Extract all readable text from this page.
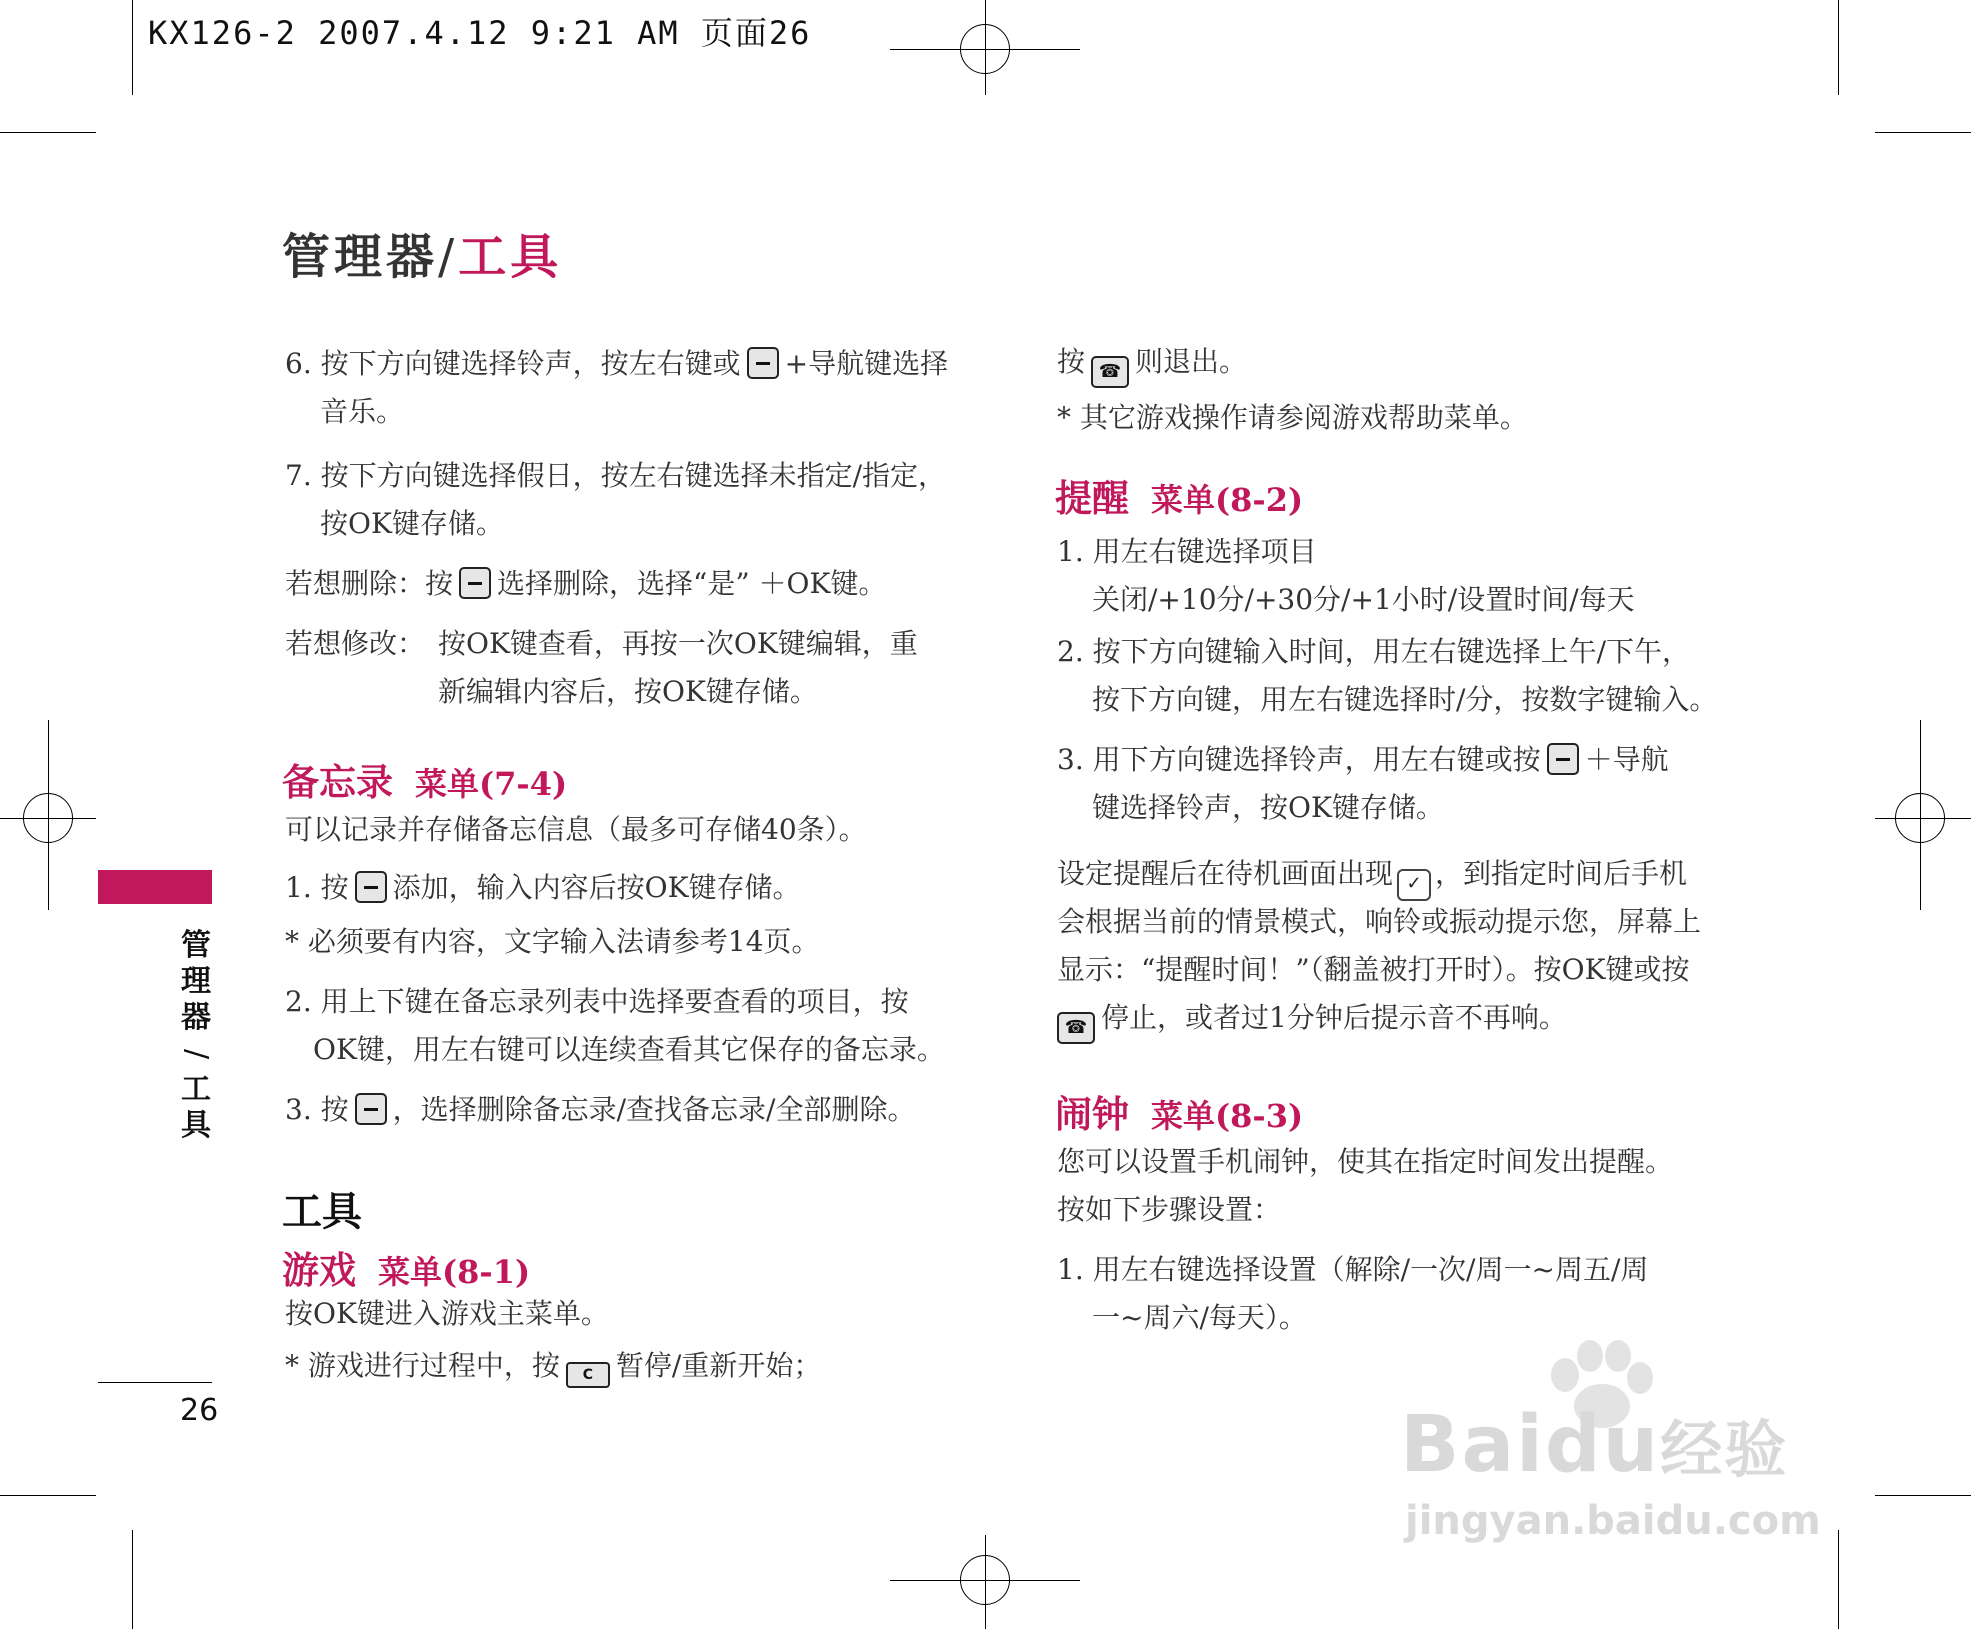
KX126-2 2007.4.12 9:21 AM 页面26
管理器/工具
管
理
器
/
工
具
26
6. 按下方向键选择铃声，按左右键或 +导航键选择
音乐。
7. 按下方向键选择假日，按左右键选择未指定/指定，
按OK键存储。
若想删除：按 选择删除，选择“是” ＋OK键。
若想修改： 按OK键查看，再按一次OK键编辑，重
新编辑内容后，按OK键存储。
备忘录 菜单(7-4)
可以记录并存储备忘信息（最多可存储40条）。
1. 按 添加，输入内容后按OK键存储。
* 必须要有内容，文字输入法请参考14页。
2. 用上下键在备忘录列表中选择要查看的项目，按
OK键，用左右键可以连续查看其它保存的备忘录。
3. 按 ，选择删除备忘录/查找备忘录/全部删除。
工具
游戏 菜单(8-1)
按OK键进入游戏主菜单。
* 游戏进行过程中，按 C 暂停/重新开始；
按 ☎ 则退出。
* 其它游戏操作请参阅游戏帮助菜单。
提醒 菜单(8-2)
1. 用左右键选择项目
关闭/+10分/+30分/+1小时/设置时间/每天
2. 按下方向键输入时间，用左右键选择上午/下午，
按下方向键，用左右键选择时/分，按数字键输入。
3. 用下方向键选择铃声，用左右键或按 ＋导航
键选择铃声，按OK键存储。
设定提醒后在待机画面出现 ✓ ，到指定时间后手机
会根据当前的情景模式，响铃或振动提示您，屏幕上
显示：“提醒时间！”（翻盖被打开时）。按OK键或按
☎ 停止，或者过1分钟后提示音不再响。
闹钟 菜单(8-3)
您可以设置手机闹钟，使其在指定时间发出提醒。
按如下步骤设置：
1. 用左右键选择设置（解除/一次/周一~周五/周
一~周六/每天）。
Baidu经验
jingyan.baidu.com
